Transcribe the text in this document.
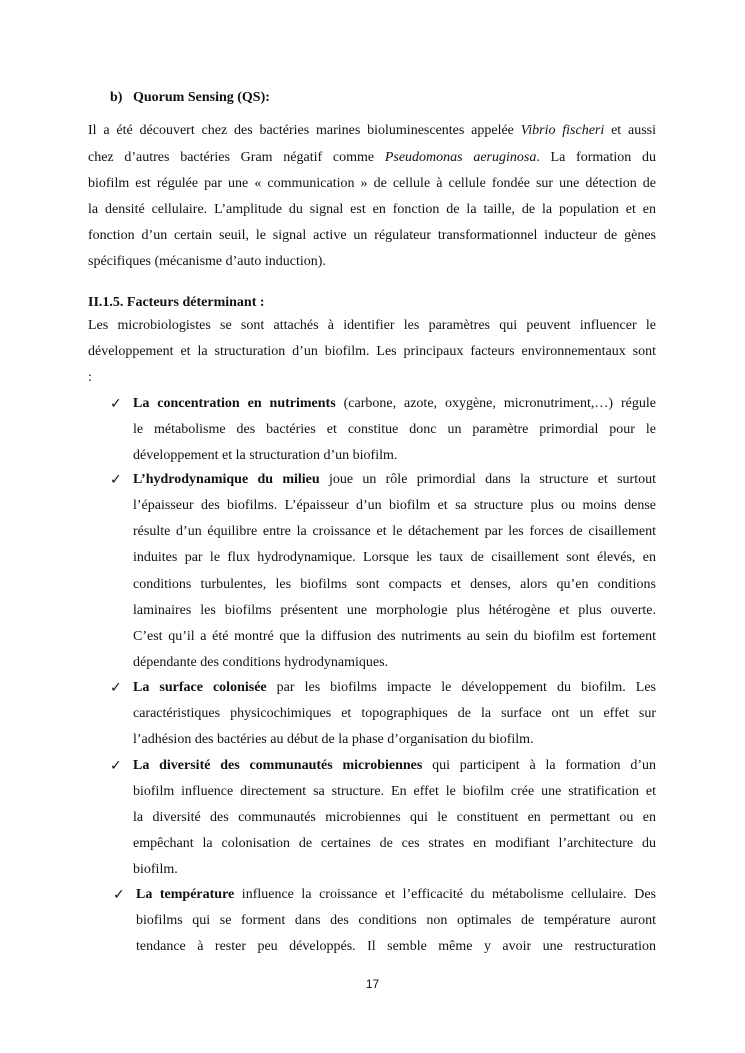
b) Quorum Sensing (QS):
Il a été découvert chez des bactéries marines bioluminescentes appelée Vibrio fischeri et aussi
chez d’autres bactéries Gram négatif comme Pseudomonas aeruginosa. La formation du
biofilm est régulée par une « communication » de cellule à cellule fondée sur une détection de
la densité cellulaire. L’amplitude du signal est en fonction de la taille, de la population et en
fonction d’un certain seuil, le signal active un régulateur transformationnel inducteur de gènes
spécifiques (mécanisme d’auto induction).
II.1.5. Facteurs déterminant :
Les microbiologistes se sont attachés à identifier les paramètres qui peuvent influencer le
développement et la structuration d’un biofilm. Les principaux facteurs environnementaux sont
:
✓ La concentration en nutriments (carbone, azote, oxygène, micronutriment,…) régule
le métabolisme des bactéries et constitue donc un paramètre primordial pour le
développement et la structuration d’un biofilm.
✓ L’hydrodynamique du milieu joue un rôle primordial dans la structure et surtout
l’épaisseur des biofilms. L’épaisseur d’un biofilm et sa structure plus ou moins dense
résulte d’un équilibre entre la croissance et le détachement par les forces de cisaillement
induites par le flux hydrodynamique. Lorsque les taux de cisaillement sont élevés, en
conditions turbulentes, les biofilms sont compacts et denses, alors qu’en conditions
laminaires les biofilms présentent une morphologie plus hétérogène et plus ouverte.
C’est qu’il a été montré que la diffusion des nutriments au sein du biofilm est fortement
dépendante des conditions hydrodynamiques.
✓ La surface colonisée par les biofilms impacte le développement du biofilm. Les
caractéristiques physicochimiques et topographiques de la surface ont un effet sur
l’adhésion des bactéries au début de la phase d’organisation du biofilm.
✓ La diversité des communautés microbiennes qui participent à la formation d’un
biofilm influence directement sa structure. En effet le biofilm crée une stratification et
la diversité des communautés microbiennes qui le constituent en permettant ou en
empêchant la colonisation de certaines de ces strates en modifiant l’architecture du
biofilm.
✓ La température influence la croissance et l’efficacité du métabolisme cellulaire. Des
biofilms qui se forment dans des conditions non optimales de température auront
tendance à rester peu développés. Il semble même y avoir une restructuration
17
